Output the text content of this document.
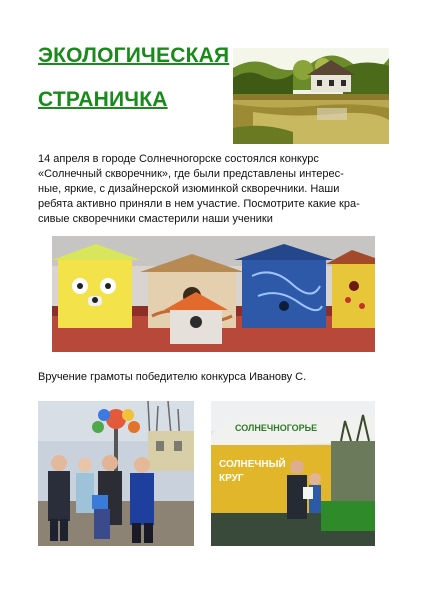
ЭКОЛОГИЧЕСКАЯ
СТРАНИЧКА

14 апреля в городе Солнечногорске состоялся конкурс
«Солнечный скворечник», где были представлены интерес-
ные, яркие, с дизайнерской изюминкой скворечники. Наши
ребята активно приняли в нем участие. Посмотрите какие кра-
сивые скворечники смастерили наши ученики

Вручение грамоты победителю конкурса Иванову С.

СОЛНЕЧНОГОРЬЕ
СОЛНЕЧНЫЙ
КРУГ
